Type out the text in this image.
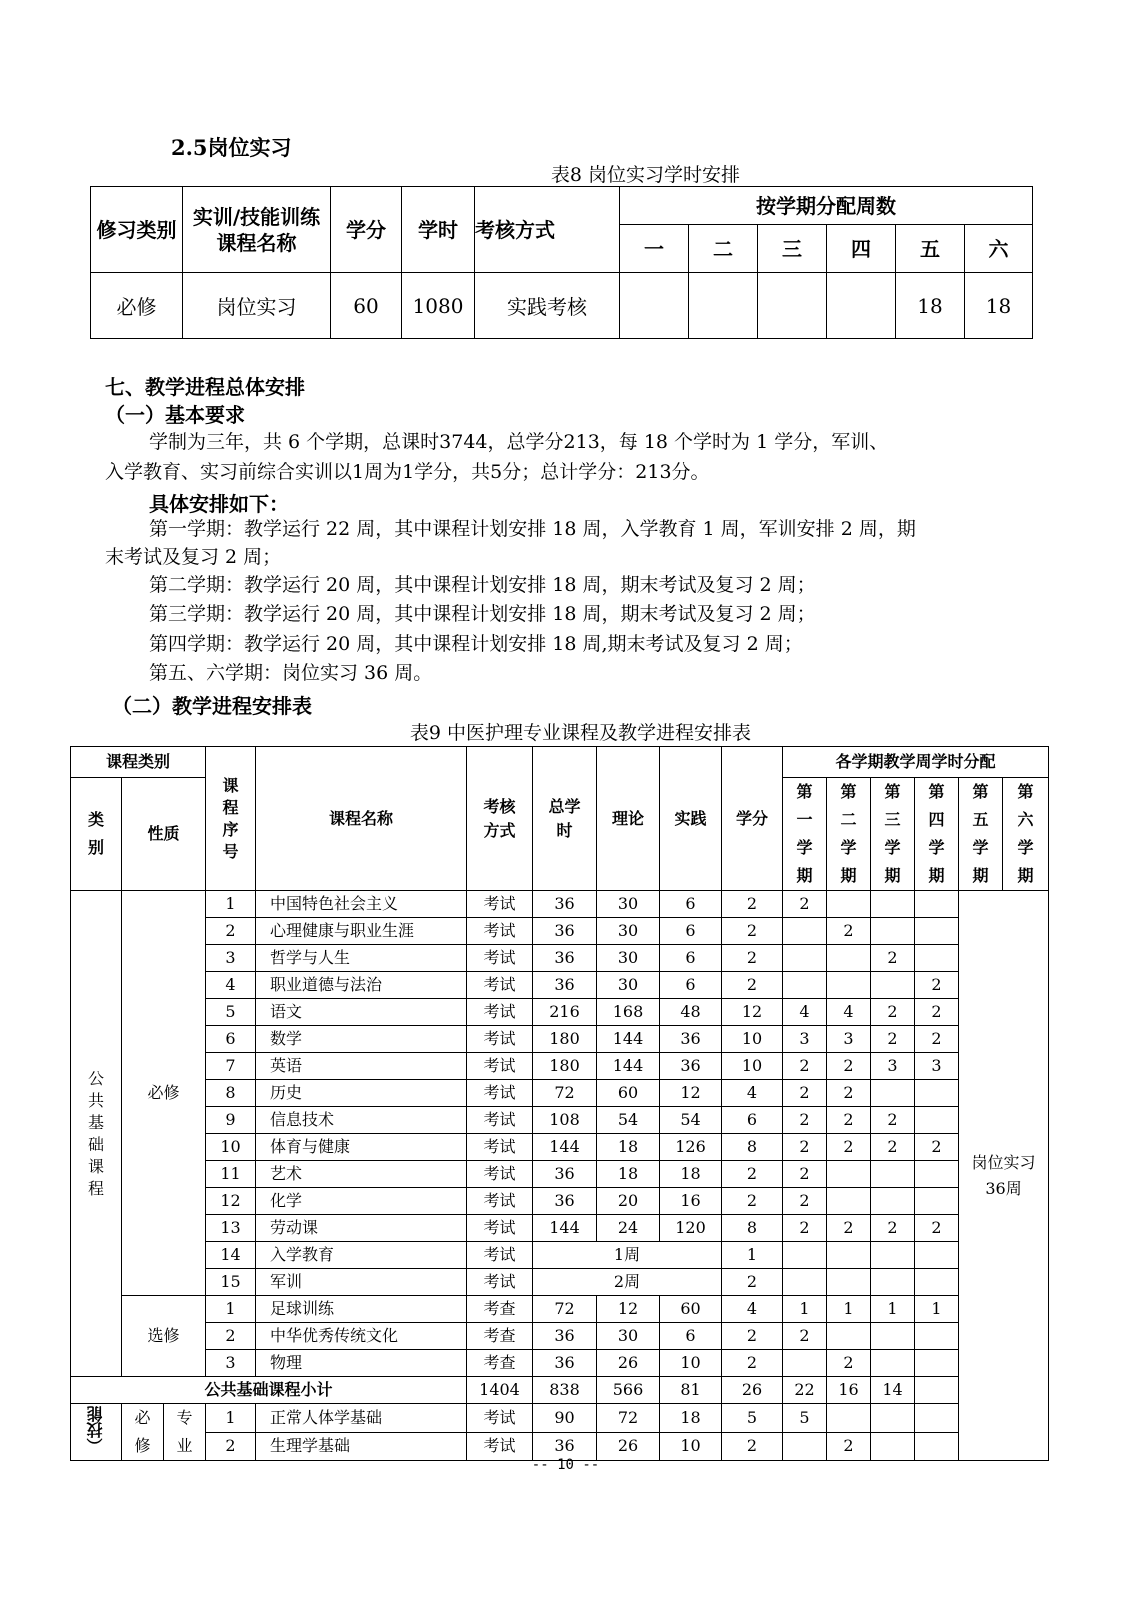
2.5岗位实习
表8 岗位实习学时安排
修习类别	实训/技能训练课程名称	学分	学时	考核方式	按学期分配周数					
					一	二	三	四	五	六
必修	岗位实习	60	1080	实践考核					18	18
七、教学进程总体安排
（一）基本要求
学制为三年，共 6 个学期，总课时3744，总学分213，每 18 个学时为 1 学分，军训、
入学教育、实习前综合实训以1周为1学分，共5分；总计学分：213分。
具体安排如下：
第一学期：教学运行 22 周，其中课程计划安排 18 周，入学教育 1 周，军训安排 2 周，期
末考试及复习 2 周；
第二学期：教学运行 20 周，其中课程计划安排 18 周，期末考试及复习 2 周；
第三学期：教学运行 20 周，其中课程计划安排 18 周，期末考试及复习 2 周；
第四学期：教学运行 20 周，其中课程计划安排 18 周,期末考试及复习 2 周；
第五、六学期：岗位实习 36 周。
（二）教学进程安排表
表9 中医护理专业课程及教学进程安排表
课程类别			课程序号	课程名称	考核方式	总学时	理论	实践	学分	各学期教学周学时分配					
类别	性质									第一学期	第二学期	第三学期	第四学期	第五学期	第六学期
公共基础课程	必修		1	中国特色社会主义	考试	36	30	6	2	2				岗位实习36周	
			2	心理健康与职业生涯	考试	36	30	6	2		2				
			3	哲学与人生	考试	36	30	6	2			2			
			4	职业道德与法治	考试	36	30	6	2				2		
			5	语文	考试	216	168	48	12	4	4	2	2		
			6	数学	考试	180	144	36	10	3	3	2	2		
			7	英语	考试	180	144	36	10	2	2	3	3		
			8	历史	考试	72	60	12	4	2	2				
			9	信息技术	考试	108	54	54	6	2	2	2			
			10	体育与健康	考试	144	18	126	8	2	2	2	2		
			11	艺术	考试	36	18	18	2	2					
			12	化学	考试	36	20	16	2	2					
			13	劳动课	考试	144	24	120	8	2	2	2	2		
			14	入学教育	考试	1周			1						
			15	军训	考试	2周			2						
	选修		1	足球训练	考查	72	12	60	4	1	1	1	1		
			2	中华优秀传统文化	考查	36	30	6	2	2					
			3	物理	考查	36	26	10	2		2				
公共基础课程小计					1404	838	566	81	26	22	16	14			
（技能	必修	专业	1	正常人体学基础	考试	90	72	18	5	5					
			2	生理学基础	考试	36	26	10	2		2				
-- 10 --
